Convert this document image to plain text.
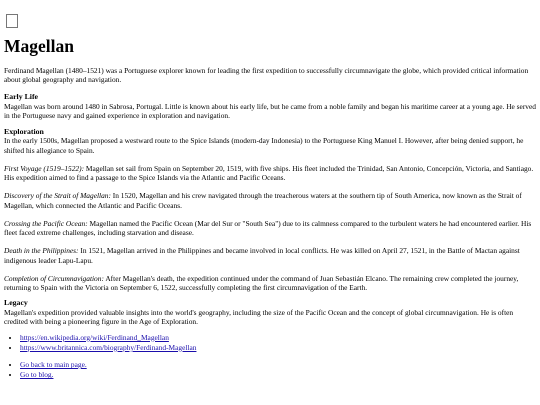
Magellan

Ferdinand Magellan (1480–1521) was a Portuguese explorer known for leading the first expedition to successfully circumnavigate the globe, which provided critical information about global geography and navigation.

Early Life

Magellan was born around 1480 in Sabrosa, Portugal. Little is known about his early life, but he came from a noble family and began his maritime career at a young age. He served in the Portuguese navy and gained experience in exploration and navigation.

Exploration

In the early 1500s, Magellan proposed a westward route to the Spice Islands (modern-day Indonesia) to the Portuguese King Manuel I. However, after being denied support, he shifted his allegiance to Spain.

First Voyage (1519–1522): Magellan set sail from Spain on September 20, 1519, with five ships. His fleet included the Trinidad, San Antonio, Concepción, Victoria, and Santiago. His expedition aimed to find a passage to the Spice Islands via the Atlantic and Pacific Oceans.

Discovery of the Strait of Magellan: In 1520, Magellan and his crew navigated through the treacherous waters at the southern tip of South America, now known as the Strait of Magellan, which connected the Atlantic and Pacific Oceans.

Crossing the Pacific Ocean: Magellan named the Pacific Ocean (Mar del Sur or "South Sea") due to its calmness compared to the turbulent waters he had encountered earlier. His fleet faced extreme challenges, including starvation and disease.

Death in the Philippines: In 1521, Magellan arrived in the Philippines and became involved in local conflicts. He was killed on April 27, 1521, in the Battle of Mactan against indigenous leader Lapu-Lapu.

Completion of Circumnavigation: After Magellan's death, the expedition continued under the command of Juan Sebastián Elcano. The remaining crew completed the journey, returning to Spain with the Victoria on September 6, 1522, successfully completing the first circumnavigation of the Earth.

Legacy

Magellan's expedition provided valuable insights into the world's geography, including the size of the Pacific Ocean and the concept of global circumnavigation. He is often credited with being a pioneering figure in the Age of Exploration.

• https://en.wikipedia.org/wiki/Ferdinand_Magellan
• https://www.britannica.com/biography/Ferdinand-Magellan
• Go back to main page.
• Go to blog.
